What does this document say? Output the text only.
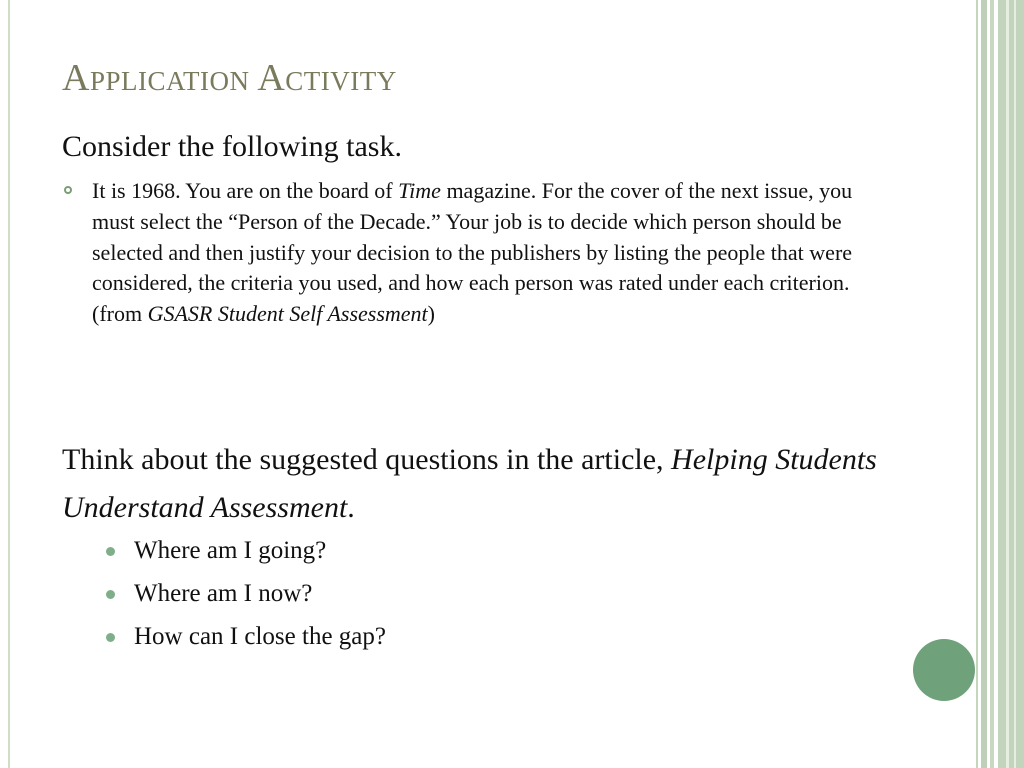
Application Activity
Consider the following task.
It is 1968. You are on the board of Time magazine. For the cover of the next issue, you must select the “Person of the Decade.” Your job is to decide which person should be selected and then justify your decision to the publishers by listing the people that were considered, the criteria you used, and how each person was rated under each criterion. (from GSASR Student Self Assessment)
Think about the suggested questions in the article, Helping Students Understand Assessment.
Where am I going?
Where am I now?
How can I close the gap?
